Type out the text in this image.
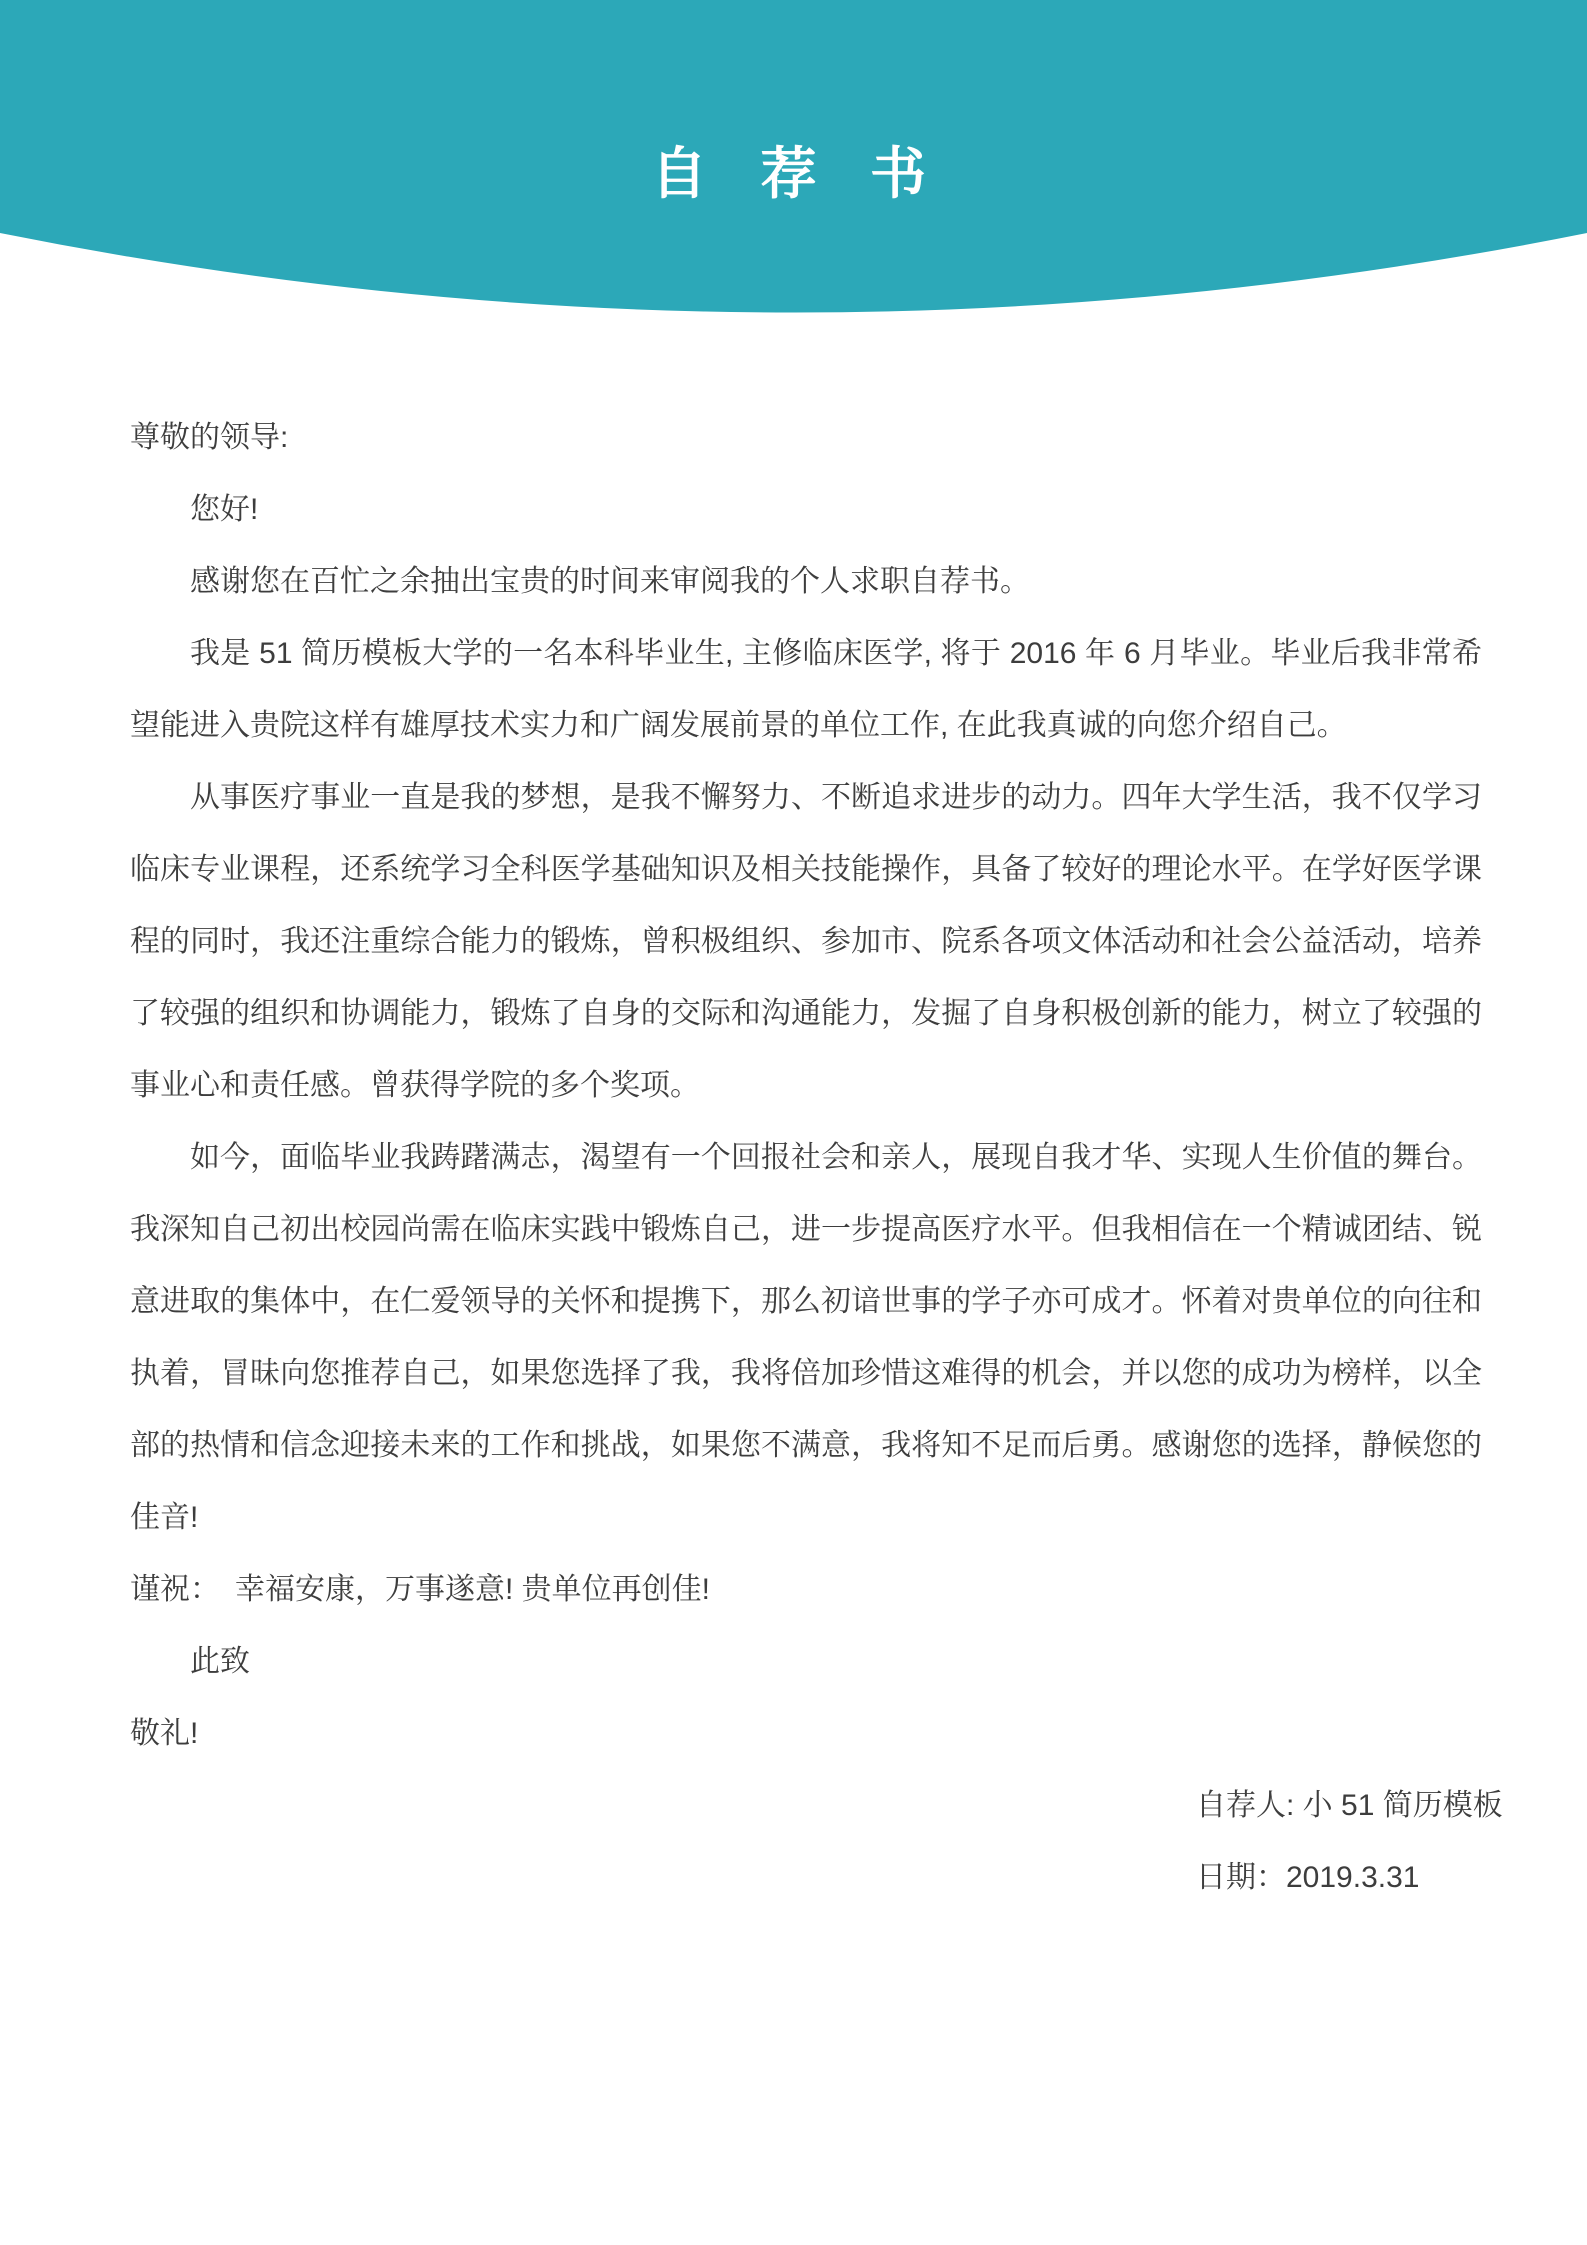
自 荐 书

尊敬的领导:

您好!

感谢您在百忙之余抽出宝贵的时间来审阅我的个人求职自荐书。

我是 51 简历模板大学的一名本科毕业生, 主修临床医学, 将于 2016 年 6 月毕业。毕业后我非常希望能进入贵院这样有雄厚技术实力和广阔发展前景的单位工作, 在此我真诚的向您介绍自己。

从事医疗事业一直是我的梦想，是我不懈努力、不断追求进步的动力。四年大学生活，我不仅学习临床专业课程，还系统学习全科医学基础知识及相关技能操作，具备了较好的理论水平。在学好医学课程的同时，我还注重综合能力的锻炼，曾积极组织、参加市、院系各项文体活动和社会公益活动，培养了较强的组织和协调能力，锻炼了自身的交际和沟通能力，发掘了自身积极创新的能力，树立了较强的事业心和责任感。曾获得学院的多个奖项。

如今，面临毕业我踌躇满志，渴望有一个回报社会和亲人，展现自我才华、实现人生价值的舞台。我深知自己初出校园尚需在临床实践中锻炼自己，进一步提高医疗水平。但我相信在一个精诚团结、锐意进取的集体中，在仁爱领导的关怀和提携下，那么初谙世事的学子亦可成才。怀着对贵单位的向往和执着，冒昧向您推荐自己，如果您选择了我，我将倍加珍惜这难得的机会，并以您的成功为榜样，以全部的热情和信念迎接未来的工作和挑战，如果您不满意，我将知不足而后勇。感谢您的选择，静候您的佳音!

谨祝：　幸福安康，万事遂意! 贵单位再创佳!

此致

敬礼!

自荐人: 小 51 简历模板

日期：2019.3.31
